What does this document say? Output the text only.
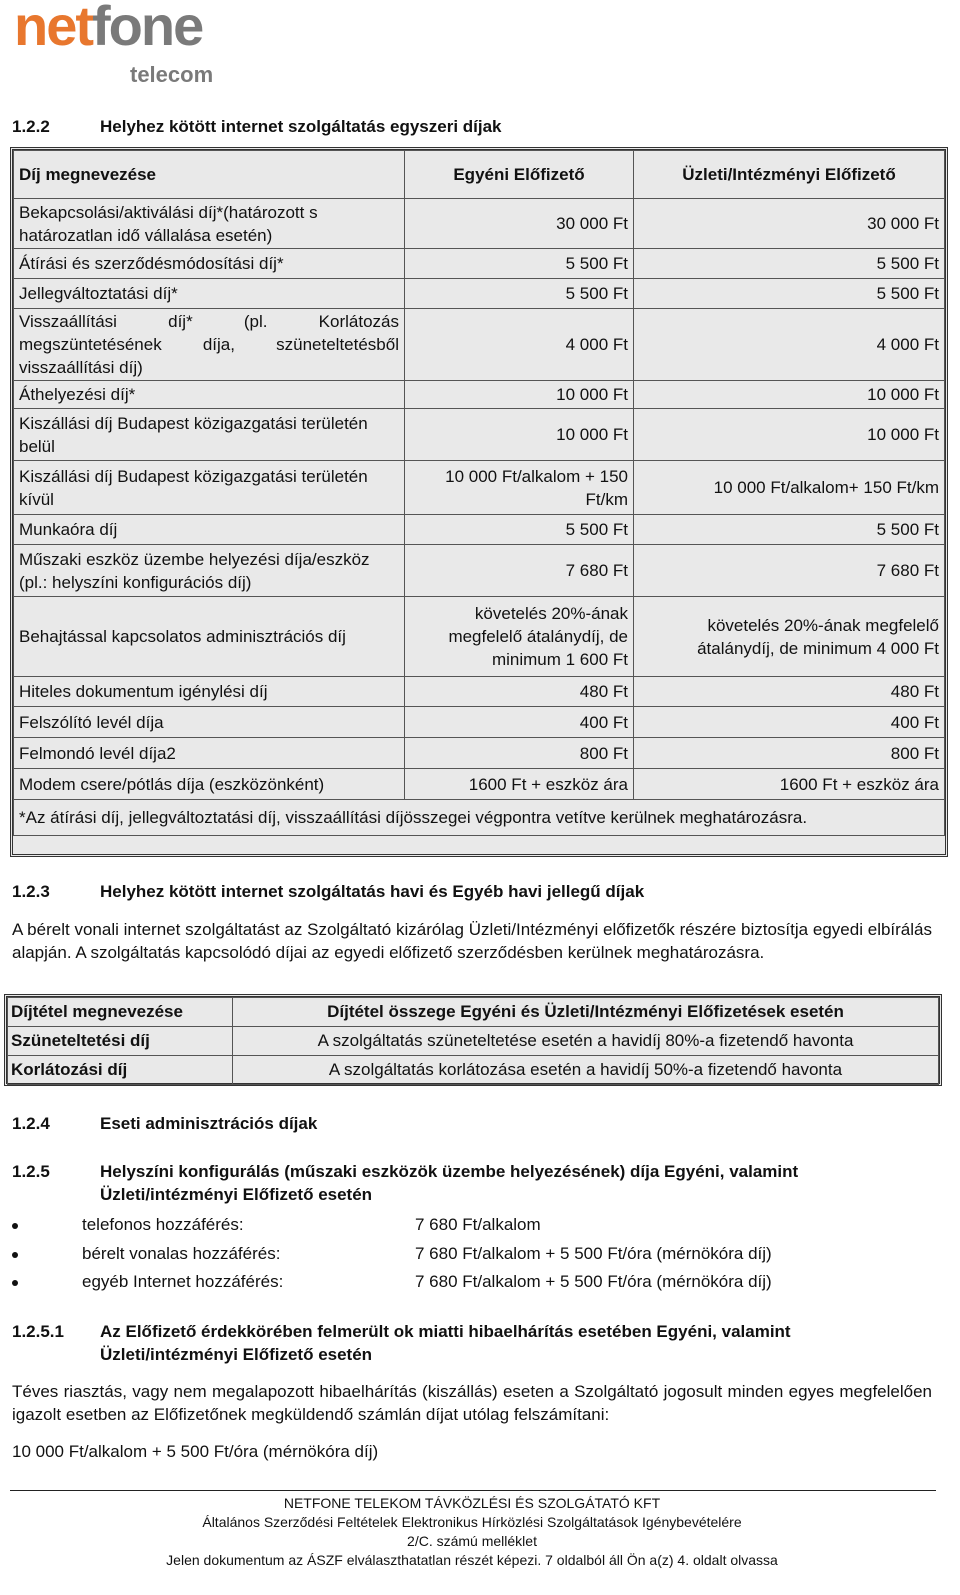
netfone
telecom
1.2.2	Helyhez kötött internet szolgáltatás egyszeri díjak
Díj megnevezése	Egyéni Előfizető	Üzleti/Intézményi Előfizető
Bekapcsolási/aktiválási díj*(határozott s határozatlan idő vállalása esetén)	30 000 Ft	30 000 Ft
Átírási és szerződésmódosítási díj*	5 500 Ft	5 500 Ft
Jellegváltoztatási díj*	5 500 Ft	5 500 Ft
Visszaállítási díj* (pl. Korlátozás megszüntetésének díja, szüneteltetésből visszaállítási díj)	4 000 Ft	4 000 Ft
Áthelyezési díj*	10 000 Ft	10 000 Ft
Kiszállási díj Budapest közigazgatási területén belül	10 000 Ft	10 000 Ft
Kiszállási díj Budapest közigazgatási területén kívül	10 000 Ft/alkalom + 150 Ft/km	10 000 Ft/alkalom+ 150 Ft/km
Munkaóra díj	5 500 Ft	5 500 Ft
Műszaki eszköz üzembe helyezési díja/eszköz (pl.: helyszíni konfigurációs díj)	7 680 Ft	7 680 Ft
Behajtással kapcsolatos adminisztrációs díj	követelés 20%-ának megfelelő átalánydíj, de minimum 1 600 Ft	követelés 20%-ának megfelelő átalánydíj, de minimum 4 000 Ft
Hiteles dokumentum igénylési díj	480 Ft	480 Ft
Felszólító levél díja	400 Ft	400 Ft
Felmondó levél díja2	800 Ft	800 Ft
Modem csere/pótlás díja (eszközönként)	1600 Ft + eszköz ára	1600 Ft + eszköz ára
*Az átírási díj, jellegváltoztatási díj, visszaállítási díjösszegei végpontra vetítve kerülnek meghatározásra.		
1.2.3	Helyhez kötött internet szolgáltatás havi és Egyéb havi jellegű díjak
A bérelt vonali internet szolgáltatást az Szolgáltató kizárólag Üzleti/Intézményi előfizetők részére biztosítja egyedi elbírálás alapján. A szolgáltatás kapcsolódó díjai az egyedi előfizető szerződésben kerülnek meghatározásra.
Díjtétel megnevezése	Díjtétel összege Egyéni és Üzleti/Intézményi Előfizetések esetén
Szüneteltetési díj	A szolgáltatás szüneteltetése esetén a havidíj 80%-a fizetendő havonta
Korlátozási díj	A szolgáltatás korlátozása esetén a havidíj 50%-a fizetendő havonta
1.2.4	Eseti adminisztrációs díjak
1.2.5	Helyszíni konfigurálás (műszaki eszközök üzembe helyezésének) díja Egyéni, valamint
Üzleti/intézményi Előfizető esetén
telefonos hozzáférés:	7 680 Ft/alkalom
bérelt vonalas hozzáférés:	7 680 Ft/alkalom + 5 500 Ft/óra (mérnökóra díj)
egyéb Internet hozzáférés:	7 680 Ft/alkalom + 5 500 Ft/óra (mérnökóra díj)
1.2.5.1 Az Előfizető érdekkörében felmerült ok miatti hibaelhárítás esetében Egyéni, valamint
Üzleti/intézményi Előfizető esetén
Téves riasztás, vagy nem megalapozott hibaelhárítás (kiszállás) eseten a Szolgáltató jogosult minden egyes megfelelően igazolt esetben az Előfizetőnek megküldendő számlán díjat utólag felszámítani:
10 000 Ft/alkalom + 5 500 Ft/óra (mérnökóra díj)
NETFONE TELEKOM TÁVKÖZLÉSI ÉS SZOLGÁTATÓ KFT
Általános Szerződési Feltételek Elektronikus Hírközlési Szolgáltatások Igénybevételére
2/C. számú melléklet
Jelen dokumentum az ÁSZF elválaszthatatlan részét képezi. 7 oldalból áll Ön a(z) 4. oldalt olvassa
